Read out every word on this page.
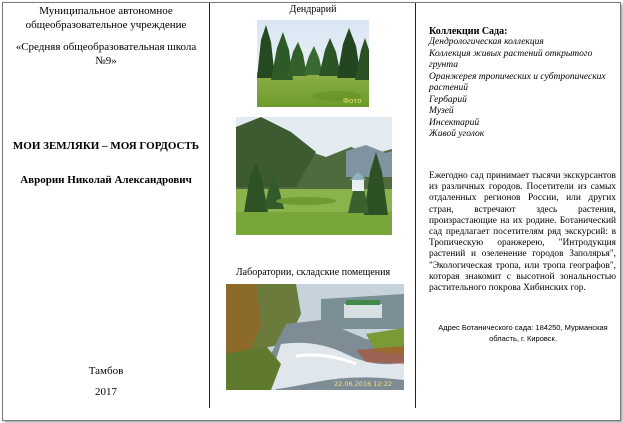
Муниципальное автономное общеобразовательное учреждение
«Средняя общеобразовательная школа №9»
МОИ ЗЕМЛЯКИ – МОЯ ГОРДОСТЬ
Аврорин Николай Александрович
Тамбов
2017
Дендрарий
Фото
Лаборатории, складские помещения
22.06.2016 12:22
Коллекции Сада:
Дендрологическая коллекция
Коллекция живых растений открытого грунта
Оранжерея тропических и субтропических растений
Гербарий
Музей
Инсектарий
Живой уголок

Ежегодно сад принимает тысячи экскурсантов из различных городов. Посетители из самых отдаленных регионов России, или других стран, встречают здесь растения, произрастающие на их родине. Ботанический сад предлагает посетителям ряд экскурсий: в Тропическую оранжерею, "Интродукция растений и озеленение городов Заполярья", "Экологическая тропа, или тропа географов", которая знакомит с высотной зональностью растительного покрова Хибинских гор.

Адрес Ботанического сада: 184250, Мурманская область, г. Кировск.
